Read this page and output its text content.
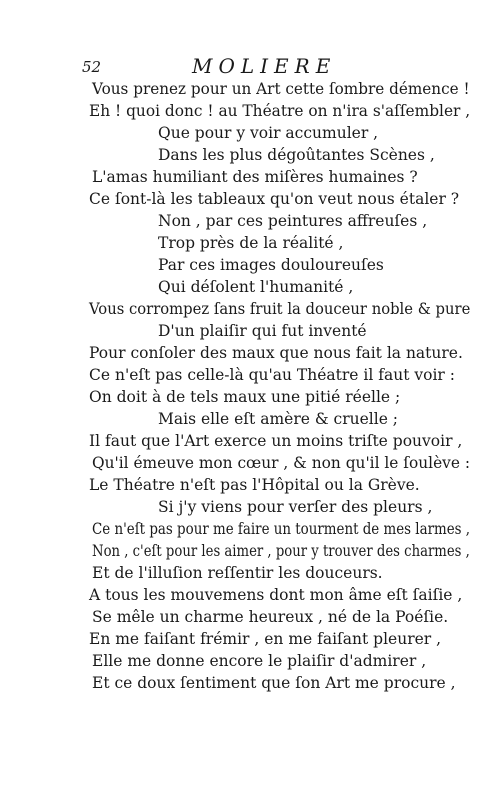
52	MOLIERE
Vous prenez pour un Art cette ſombre démence !
Eh ! quoi donc ! au Théatre on n'ira s'aſſembler ,
Que pour y voir accumuler ,
Dans les plus dégoûtantes Scènes ,
L'amas humiliant des miſères humaines ?
Ce ſont-là les tableaux qu'on veut nous étaler ?
Non , par ces peintures affreuſes ,
Trop près de la réalité ,
Par ces images douloureuſes
Qui déſolent l'humanité ,
Vous corrompez ſans fruit la douceur noble & pure
D'un plaiſir qui fut inventé
Pour conſoler des maux que nous fait la nature.
Ce n'eſt pas celle-là qu'au Théatre il faut voir :
On doit à de tels maux une pitié réelle ;
Mais elle eſt amère & cruelle ;
Il faut que l'Art exerce un moins triſte pouvoir ,
Qu'il émeuve mon cœur , & non qu'il le ſoulève :
Le Théatre n'eſt pas l'Hôpital ou la Grève.
Si j'y viens pour verſer des pleurs ,
Ce n'eſt pas pour me faire un tourment de mes larmes ,
Non , c'eſt pour les aimer , pour y trouver des charmes ,
Et de l'illuſion reſſentir les douceurs.
A tous les mouvemens dont mon âme eſt ſaiſie ,
Se mêle un charme heureux , né de la Poéſie.
En me faiſant frémir , en me faiſant pleurer ,
Elle me donne encore le plaiſir d'admirer ,
Et ce doux ſentiment que ſon Art me procure ,
